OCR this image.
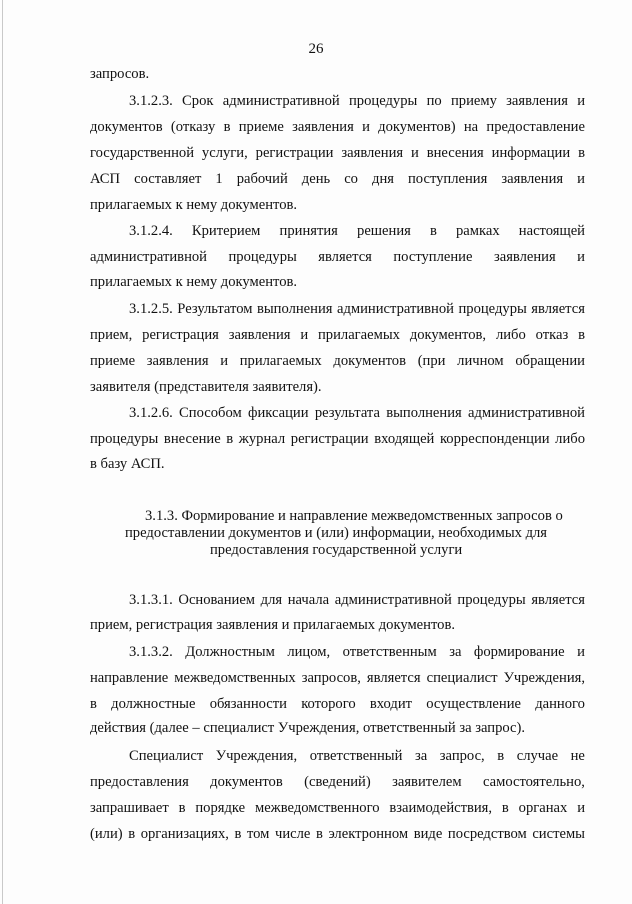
26
запросов.
3.1.2.3. Срок административной процедуры по приему заявления и
документов (отказу в приеме заявления и документов) на предоставление
государственной услуги, регистрации заявления и внесения информации в
АСП составляет 1 рабочий день со дня поступления заявления и
прилагаемых к нему документов.
3.1.2.4. Критерием принятия решения в рамках настоящей
административной процедуры является поступление заявления и
прилагаемых к нему документов.
3.1.2.5. Результатом выполнения административной процедуры является
прием, регистрация заявления и прилагаемых документов, либо отказ в
приеме заявления и прилагаемых документов (при личном обращении
заявителя (представителя заявителя).
3.1.2.6. Способом фиксации результата выполнения административной
процедуры внесение в журнал регистрации входящей корреспонденции либо
в базу АСП.
3.1.3. Формирование и направление межведомственных запросов о
предоставлении документов и (или) информации, необходимых для
предоставления государственной услуги
3.1.3.1. Основанием для начала административной процедуры является
прием, регистрация заявления и прилагаемых документов.
3.1.3.2. Должностным лицом, ответственным за формирование и
направление межведомственных запросов, является специалист Учреждения,
в должностные обязанности которого входит осуществление данного
действия (далее – специалист Учреждения, ответственный за запрос).
Специалист Учреждения, ответственный за запрос, в случае не
предоставления документов (сведений) заявителем самостоятельно,
запрашивает в порядке межведомственного взаимодействия, в органах и
(или) в организациях, в том числе в электронном виде посредством системы
